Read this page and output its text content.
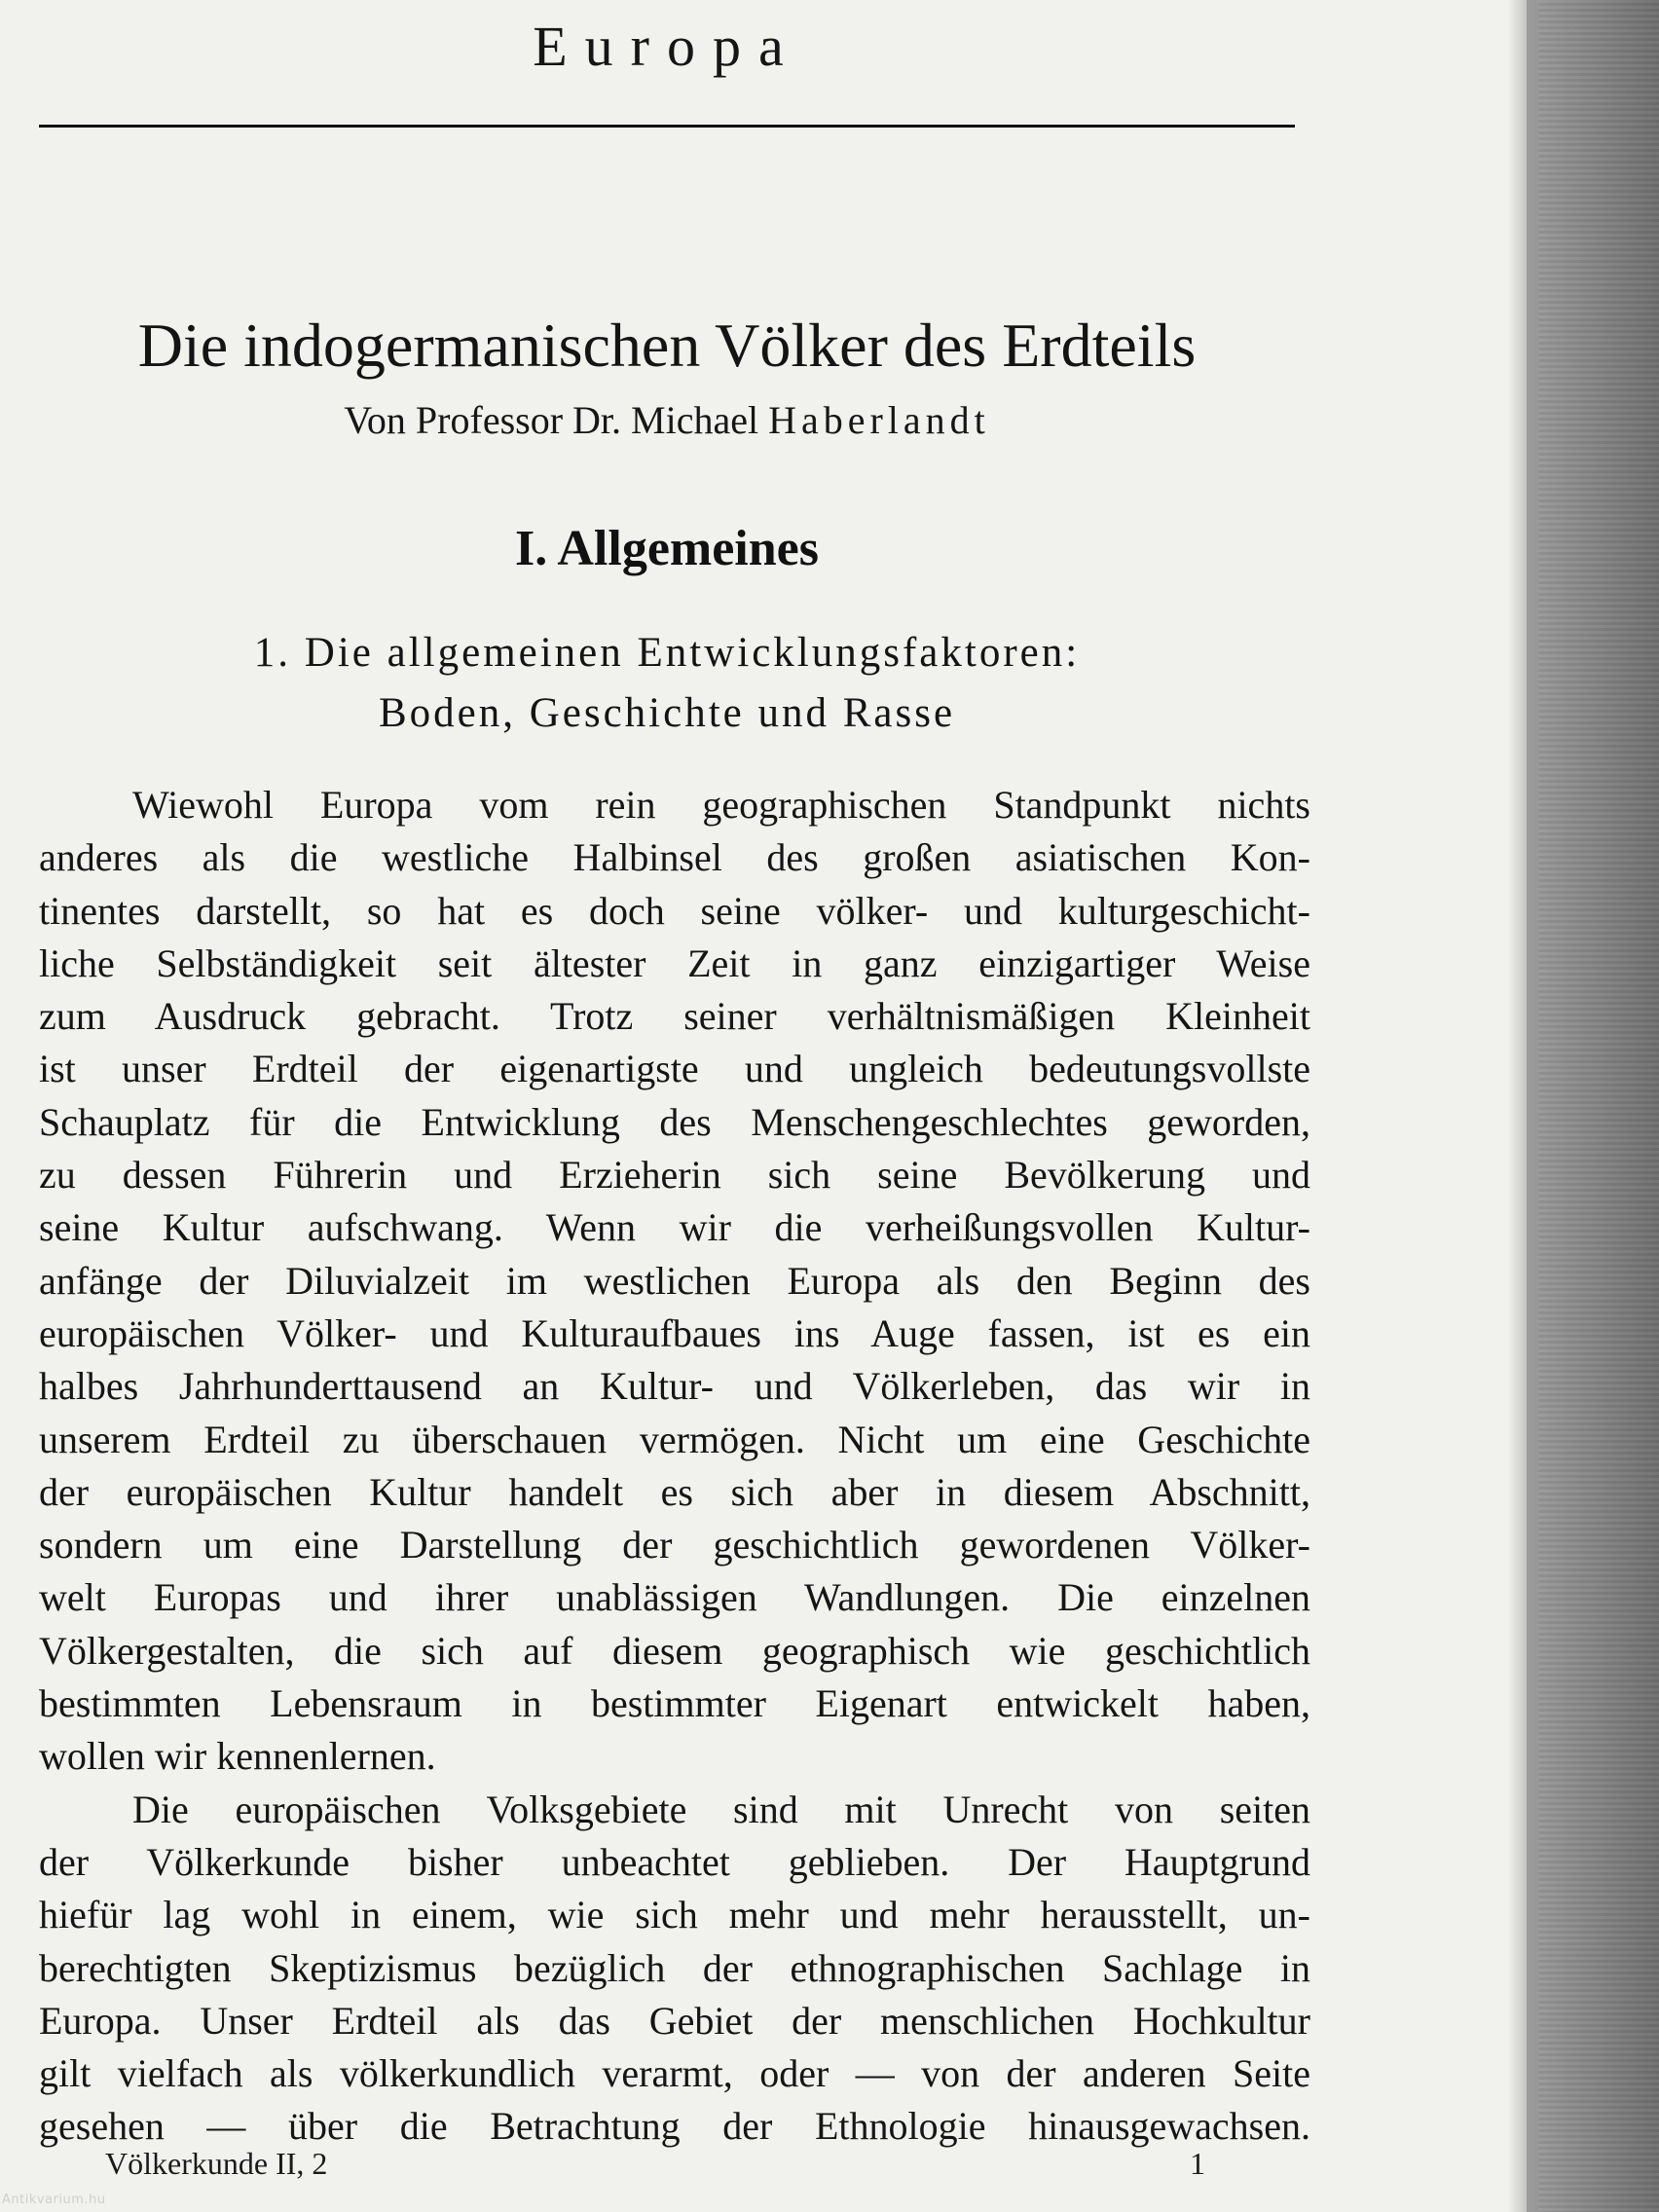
Europa
Die indogermanischen Völker des Erdteils
Von Professor Dr. Michael Haberlandt
I. Allgemeines
1. Die allgemeinen Entwicklungsfaktoren:
Boden, Geschichte und Rasse
Wiewohl Europa vom rein geographischen Standpunkt nichts
anderes als die westliche Halbinsel des großen asiatischen Kon-
tinentes darstellt, so hat es doch seine völker- und kulturgeschicht-
liche Selbständigkeit seit ältester Zeit in ganz einzigartiger Weise
zum Ausdruck gebracht. Trotz seiner verhältnismäßigen Kleinheit
ist unser Erdteil der eigenartigste und ungleich bedeutungsvollste
Schauplatz für die Entwicklung des Menschengeschlechtes geworden,
zu dessen Führerin und Erzieherin sich seine Bevölkerung und
seine Kultur aufschwang. Wenn wir die verheißungsvollen Kultur-
anfänge der Diluvialzeit im westlichen Europa als den Beginn des
europäischen Völker- und Kulturaufbaues ins Auge fassen, ist es ein
halbes Jahrhunderttausend an Kultur- und Völkerleben, das wir in
unserem Erdteil zu überschauen vermögen. Nicht um eine Geschichte
der europäischen Kultur handelt es sich aber in diesem Abschnitt,
sondern um eine Darstellung der geschichtlich gewordenen Völker-
welt Europas und ihrer unablässigen Wandlungen. Die einzelnen
Völkergestalten, die sich auf diesem geographisch wie geschichtlich
bestimmten Lebensraum in bestimmter Eigenart entwickelt haben,
wollen wir kennenlernen.
Die europäischen Volksgebiete sind mit Unrecht von seiten
der Völkerkunde bisher unbeachtet geblieben. Der Hauptgrund
hiefür lag wohl in einem, wie sich mehr und mehr herausstellt, un-
berechtigten Skeptizismus bezüglich der ethnographischen Sachlage in
Europa. Unser Erdteil als das Gebiet der menschlichen Hochkultur
gilt vielfach als völkerkundlich verarmt, oder — von der anderen Seite
gesehen — über die Betrachtung der Ethnologie hinausgewachsen.
Völkerkunde II, 2	1
Antikvarium.hu
